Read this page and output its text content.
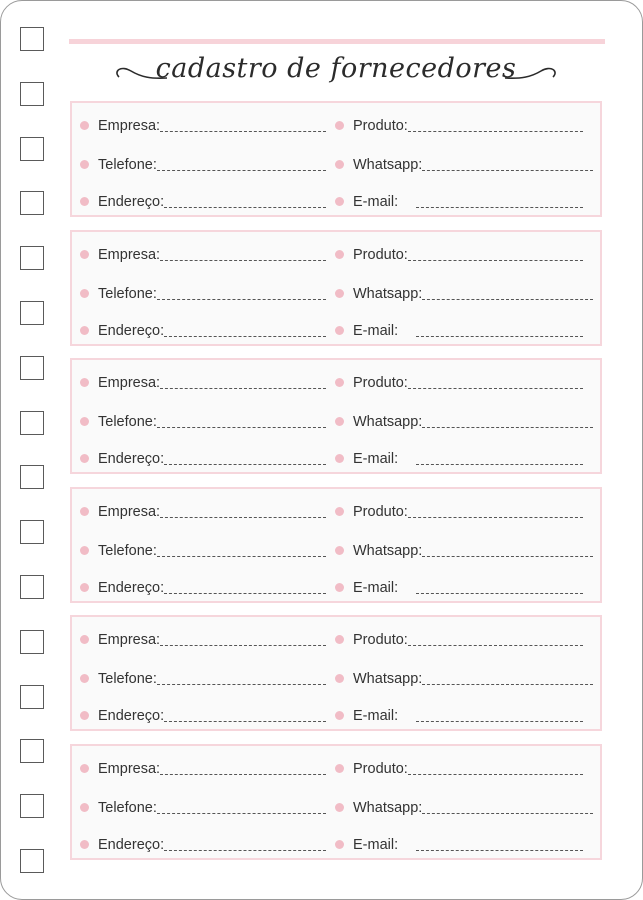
cadastro de fornecedores
Empresa:	Produto:
Telefone:	Whatsapp:
Endereço:	E-mail:
Empresa:	Produto:
Telefone:	Whatsapp:
Endereço:	E-mail:
Empresa:	Produto:
Telefone:	Whatsapp:
Endereço:	E-mail:
Empresa:	Produto:
Telefone:	Whatsapp:
Endereço:	E-mail:
Empresa:	Produto:
Telefone:	Whatsapp:
Endereço:	E-mail:
Empresa:	Produto:
Telefone:	Whatsapp:
Endereço:	E-mail:
